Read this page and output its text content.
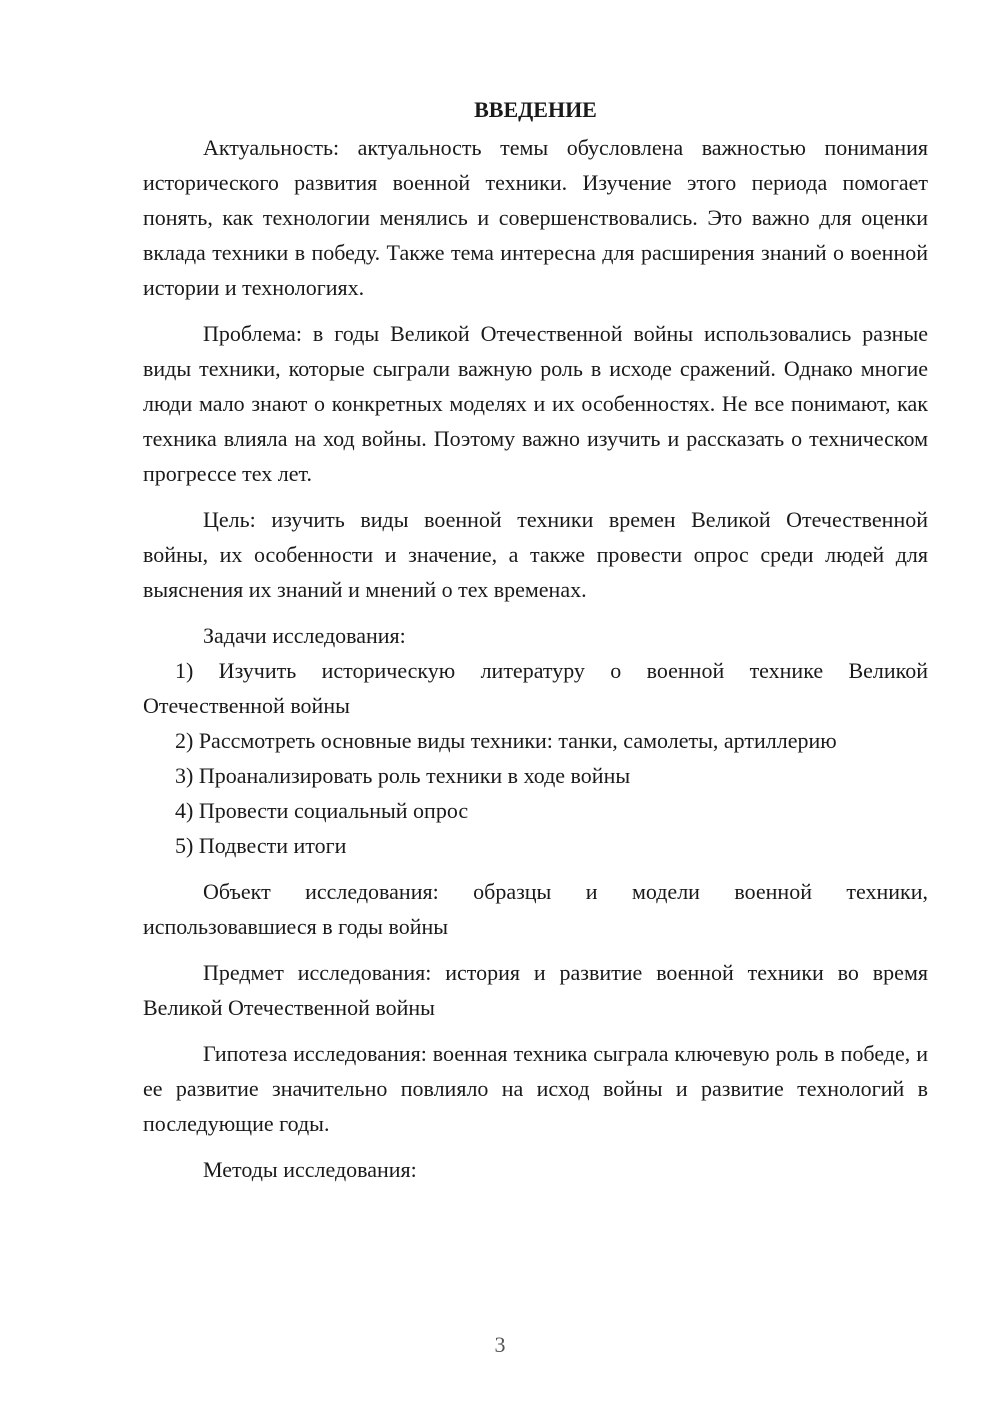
ВВЕДЕНИЕ

Актуальность: актуальность темы обусловлена важностью понимания исторического развития военной техники. Изучение этого периода помогает понять, как технологии менялись и совершенствовались. Это важно для оценки вклада техники в победу. Также тема интересна для расширения знаний о военной истории и технологиях.

Проблема: в годы Великой Отечественной войны использовались разные виды техники, которые сыграли важную роль в исходе сражений. Однако многие люди мало знают о конкретных моделях и их особенностях. Не все понимают, как техника влияла на ход войны. Поэтому важно изучить и рассказать о техническом прогрессе тех лет.

Цель: изучить виды военной техники времен Великой Отечественной войны, их особенности и значение, а также провести опрос среди людей для выяснения их знаний и мнений о тех временах.

Задачи исследования:

1) Изучить историческую литературу о военной технике Великой Отечественной войны

2) Рассмотреть основные виды техники: танки, самолеты, артиллерию

3) Проанализировать роль техники в ходе войны

4) Провести социальный опрос

5) Подвести итоги

Объект исследования: образцы и модели военной техники, использовавшиеся в годы войны

Предмет исследования: история и развитие военной техники во время Великой Отечественной войны

Гипотеза исследования: военная техника сыграла ключевую роль в победе, и ее развитие значительно повлияло на исход войны и развитие технологий в последующие годы.

Методы исследования:

3
